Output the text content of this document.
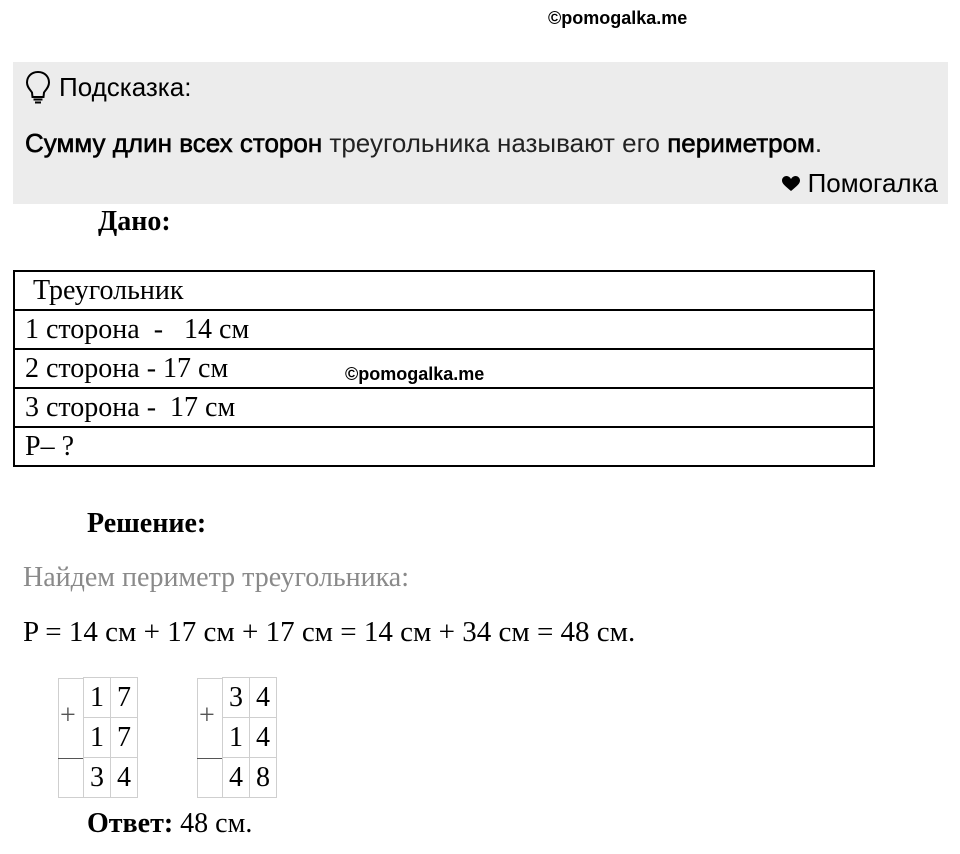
©pomogalka.me
Подсказка:
Сумму длин всех сторон треугольника называют его периметром.
Помогалка
Дано:
Треугольник
1 сторона  -   14 см
2 сторона - 17 см
3 сторона -  17 см
P– ?
©pomogalka.me
Решение:
Найдем периметр треугольника:
P = 14 см + 17 см + 17 см = 14 см + 34 см = 48 см.
+
1 7
1 7
3 4
+
3 4
1 4
4 8
Ответ: 48 см.
